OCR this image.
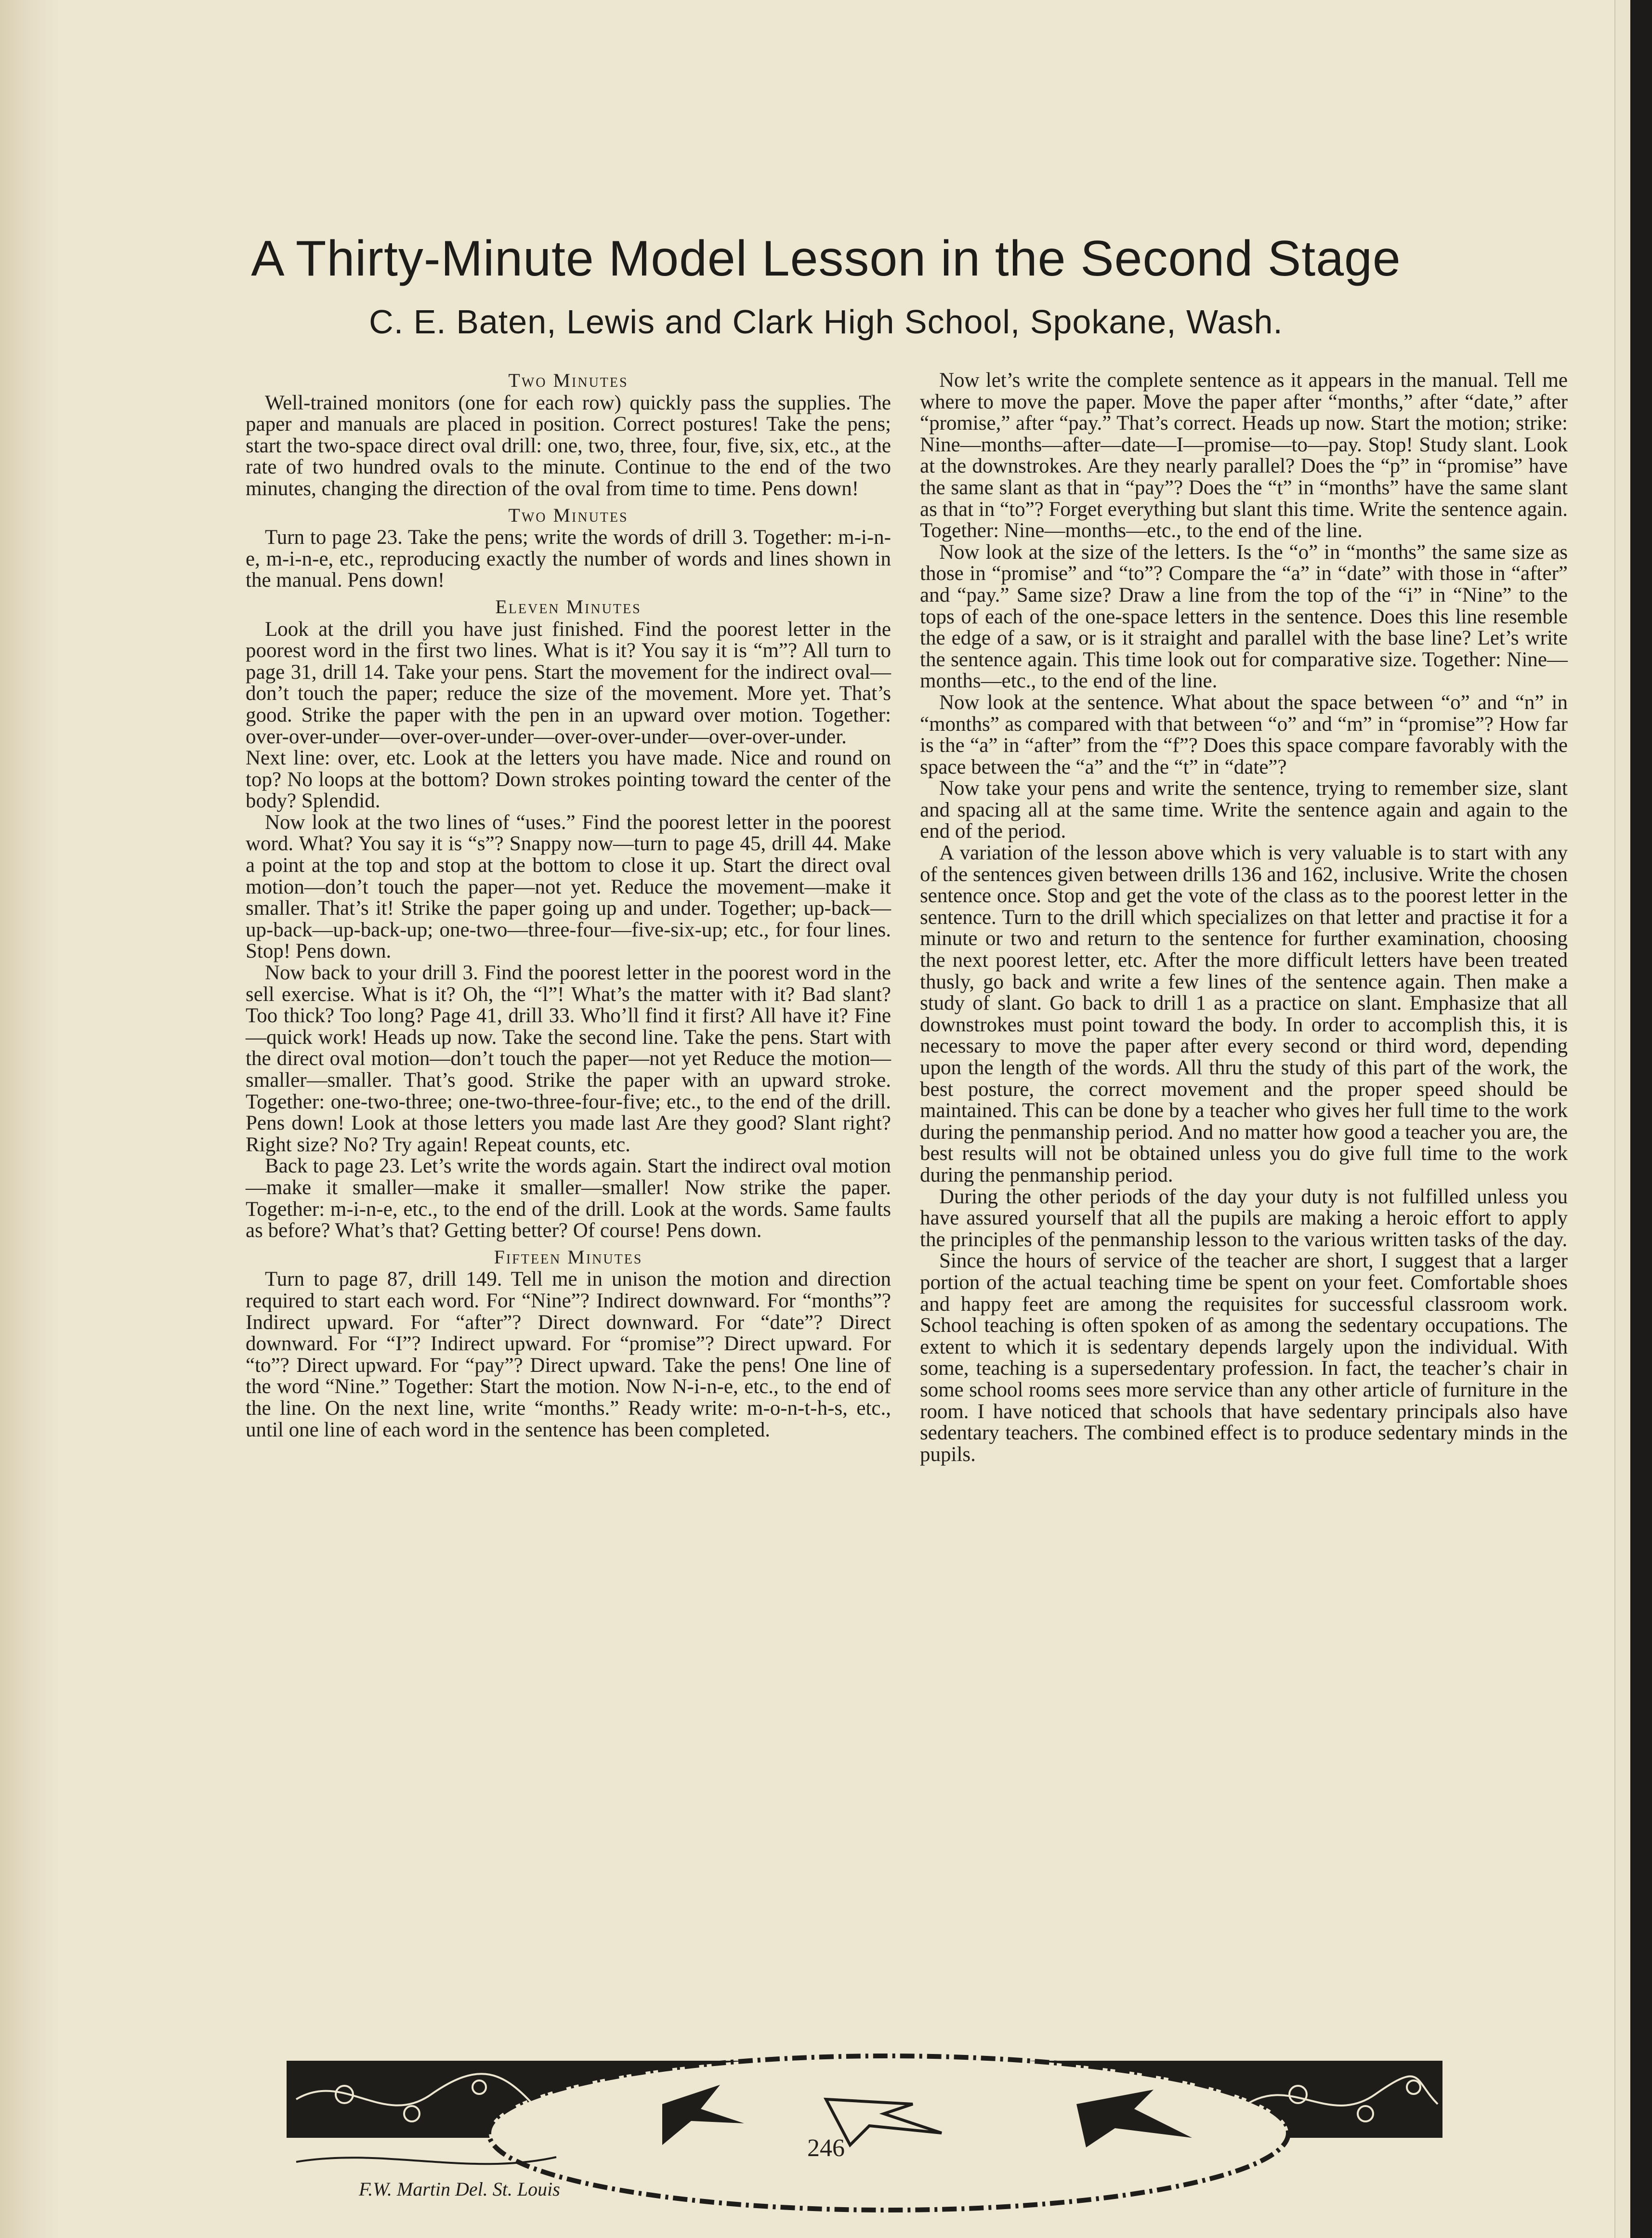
A Thirty-Minute Model Lesson in the Second Stage
C. E. Baten, Lewis and Clark High School, Spokane, Wash.
Two Minutes

Well-trained monitors (one for each row) quickly pass the supplies. The paper and manuals are placed in position. Correct postures! Take the pens; start the two-space direct oval drill: one, two, three, four, five, six, etc., at the rate of two hundred ovals to the minute. Continue to the end of the two minutes, changing the direction of the oval from time to time. Pens down!

Two Minutes

Turn to page 23. Take the pens; write the words of drill 3. Together: m-i-n-e, m-i-n-e, etc., reproducing exactly the number of words and lines shown in the manual. Pens down!

Eleven Minutes

Look at the drill you have just finished. Find the poorest letter in the poorest word in the first two lines. What is it? You say it is “m”? All turn to page 31, drill 14. Take your pens. Start the movement for the indirect oval—don’t touch the paper; reduce the size of the movement. More yet. That’s good. Strike the paper with the pen in an upward over motion. Together: over-over-under—over-over-under—over-over-under—over-over-under. Next line: over, etc. Look at the letters you have made. Nice and round on top? No loops at the bottom? Down strokes pointing toward the center of the body? Splendid.

Now look at the two lines of “uses.” Find the poorest letter in the poorest word. What? You say it is “s”? Snappy now—turn to page 45, drill 44. Make a point at the top and stop at the bottom to close it up. Start the direct oval motion—don’t touch the paper—not yet. Reduce the movement—make it smaller. That’s it! Strike the paper going up and under. Together; up-back—up-back—up-back-up; one-two—three-four—five-six-up; etc., for four lines. Stop! Pens down.

Now back to your drill 3. Find the poorest letter in the poorest word in the sell exercise. What is it? Oh, the “l”! What’s the matter with it? Bad slant? Too thick? Too long? Page 41, drill 33. Who’ll find it first? All have it? Fine—quick work! Heads up now. Take the second line. Take the pens. Start with the direct oval motion—don’t touch the paper—not yet Reduce the motion—smaller—smaller. That’s good. Strike the paper with an upward stroke. Together: one-two-three; one-two-three-four-five; etc., to the end of the drill. Pens down! Look at those letters you made last Are they good? Slant right? Right size? No? Try again! Repeat counts, etc.

Back to page 23. Let’s write the words again. Start the indirect oval motion—make it smaller—make it smaller—smaller! Now strike the paper. Together: m-i-n-e, etc., to the end of the drill. Look at the words. Same faults as before? What’s that? Getting better? Of course! Pens down.

Fifteen Minutes

Turn to page 87, drill 149. Tell me in unison the motion and direction required to start each word. For “Nine”? Indirect downward. For “months”? Indirect upward. For “after”? Direct downward. For “date”? Direct downward. For “I”? Indirect upward. For “promise”? Direct upward. For “to”? Direct upward. For “pay”? Direct upward. Take the pens! One line of the word “Nine.” Together: Start the motion. Now N-i-n-e, etc., to the end of the line. On the next line, write “months.” Ready write: m-o-n-t-h-s, etc., until one line of each word in the sentence has been completed.

Now let’s write the complete sentence as it appears in the manual. Tell me where to move the paper. Move the paper after “months,” after “date,” after “promise,” after “pay.” That’s correct. Heads up now. Start the motion; strike: Nine—months—after—date—I—promise—to—pay. Stop! Study slant. Look at the downstrokes. Are they nearly parallel? Does the “p” in “promise” have the same slant as that in “pay”? Does the “t” in “months” have the same slant as that in “to”? Forget everything but slant this time. Write the sentence again. Together: Nine—months—etc., to the end of the line.

Now look at the size of the letters. Is the “o” in “months” the same size as those in “promise” and “to”? Compare the “a” in “date” with those in “after” and “pay.” Same size? Draw a line from the top of the “i” in “Nine” to the tops of each of the one-space letters in the sentence. Does this line resemble the edge of a saw, or is it straight and parallel with the base line? Let’s write the sentence again. This time look out for comparative size. Together: Nine—months—etc., to the end of the line.

Now look at the sentence. What about the space between “o” and “n” in “months” as compared with that between “o” and “m” in “promise”? How far is the “a” in “after” from the “f”? Does this space compare favorably with the space between the “a” and the “t” in “date”?

Now take your pens and write the sentence, trying to remember size, slant and spacing all at the same time. Write the sentence again and again to the end of the period.

A variation of the lesson above which is very valuable is to start with any of the sentences given between drills 136 and 162, inclusive. Write the chosen sentence once. Stop and get the vote of the class as to the poorest letter in the sentence. Turn to the drill which specializes on that letter and practise it for a minute or two and return to the sentence for further examination, choosing the next poorest letter, etc. After the more difficult letters have been treated thusly, go back and write a few lines of the sentence again. Then make a study of slant. Go back to drill 1 as a practice on slant. Emphasize that all downstrokes must point toward the body. In order to accomplish this, it is necessary to move the paper after every second or third word, depending upon the length of the words. All thru the study of this part of the work, the best posture, the correct movement and the proper speed should be maintained. This can be done by a teacher who gives her full time to the work during the penmanship period. And no matter how good a teacher you are, the best results will not be obtained unless you do give full time to the work during the penmanship period.

During the other periods of the day your duty is not fulfilled unless you have assured yourself that all the pupils are making a heroic effort to apply the principles of the penmanship lesson to the various written tasks of the day.

Since the hours of service of the teacher are short, I suggest that a larger portion of the actual teaching time be spent on your feet. Comfortable shoes and happy feet are among the requisites for successful classroom work. School teaching is often spoken of as among the sedentary occupations. The extent to which it is sedentary depends largely upon the individual. With some, teaching is a supersedentary profession. In fact, the teacher’s chair in some school rooms sees more service than any other article of furniture in the room. I have noticed that schools that have sedentary principals also have sedentary teachers. The combined effect is to produce sedentary minds in the pupils.

F.W. Martin Del. St. Louis
246
